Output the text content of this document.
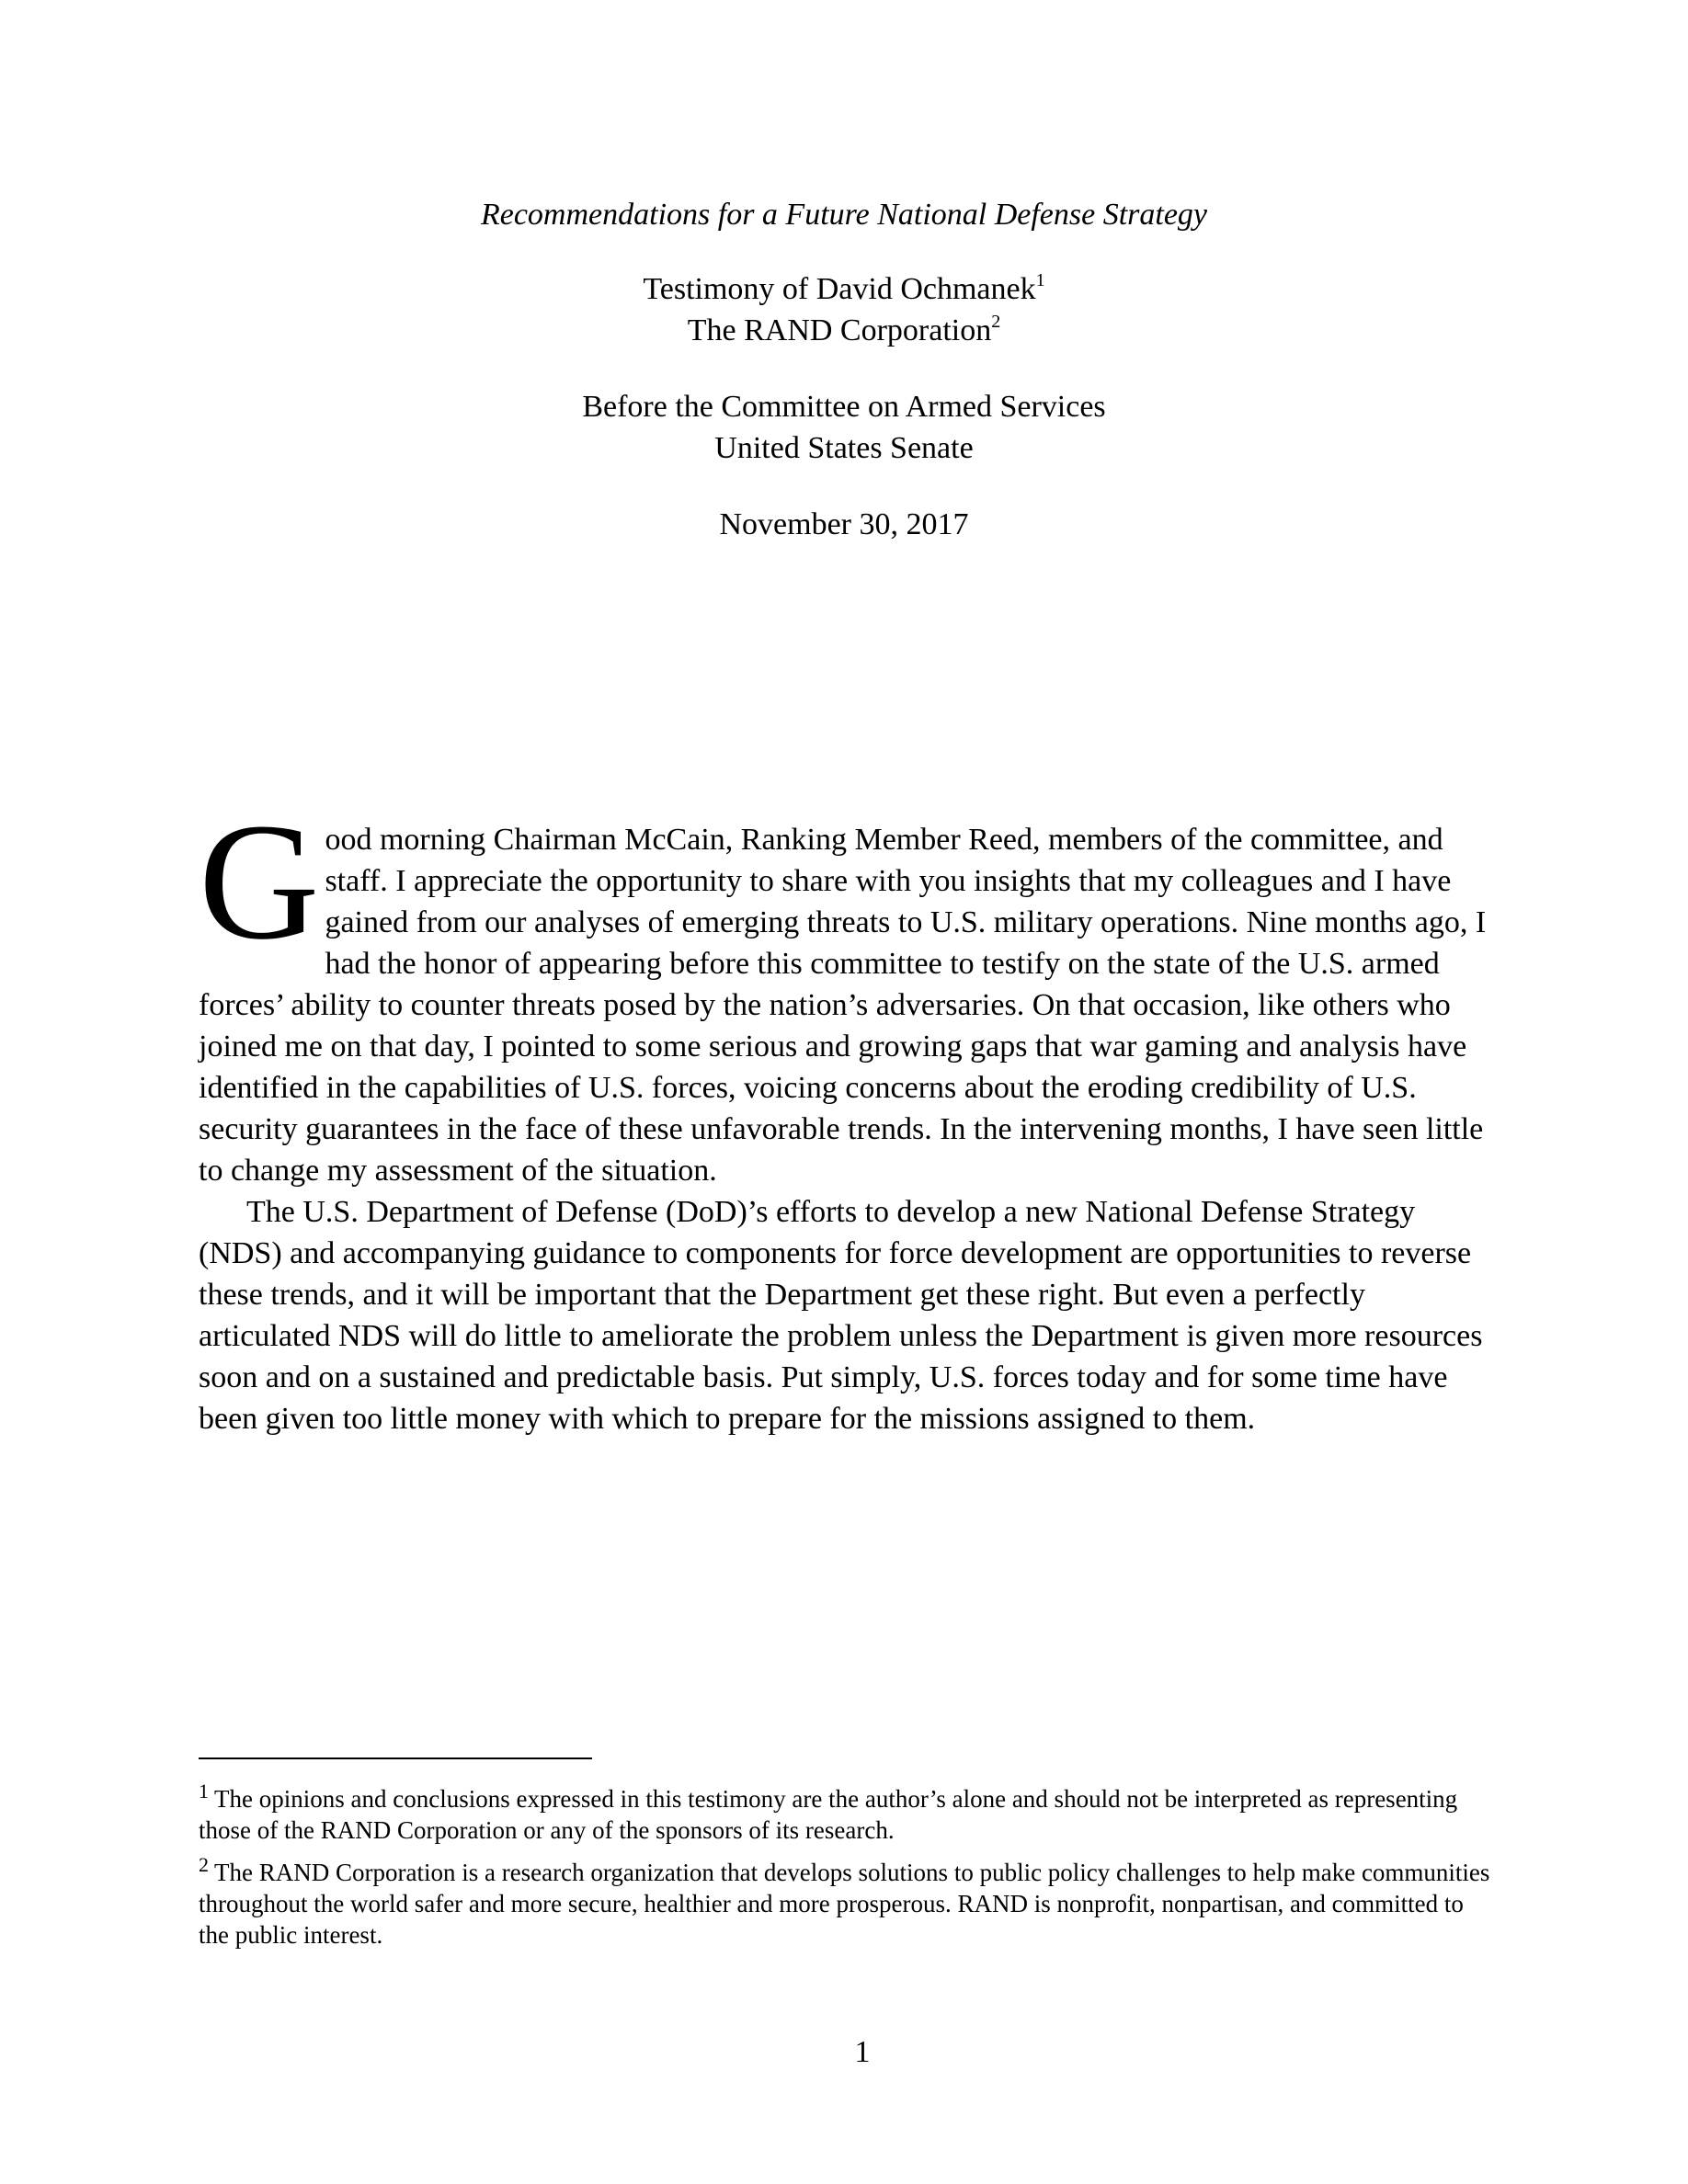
Recommendations for a Future National Defense Strategy
Testimony of David Ochmanek$^1$
The RAND Corporation$^2$
Before the Committee on Armed Services
United States Senate
November 30, 2017

Good morning Chairman McCain, Ranking Member Reed, members of the committee, and staff. I appreciate the opportunity to share with you insights that my colleagues and I have gained from our analyses of emerging threats to U.S. military operations. Nine months ago, I had the honor of appearing before this committee to testify on the state of the U.S. armed forces’ ability to counter threats posed by the nation’s adversaries. On that occasion, like others who joined me on that day, I pointed to some serious and growing gaps that war gaming and analysis have identified in the capabilities of U.S. forces, voicing concerns about the eroding credibility of U.S. security guarantees in the face of these unfavorable trends. In the intervening months, I have seen little to change my assessment of the situation.

The U.S. Department of Defense (DoD)’s efforts to develop a new National Defense Strategy (NDS) and accompanying guidance to components for force development are opportunities to reverse these trends, and it will be important that the Department get these right. But even a perfectly articulated NDS will do little to ameliorate the problem unless the Department is given more resources soon and on a sustained and predictable basis. Put simply, U.S. forces today and for some time have been given too little money with which to prepare for the missions assigned to them.

$^1$ The opinions and conclusions expressed in this testimony are the author’s alone and should not be interpreted as representing those of the RAND Corporation or any of the sponsors of its research.

$^2$ The RAND Corporation is a research organization that develops solutions to public policy challenges to help make communities throughout the world safer and more secure, healthier and more prosperous. RAND is nonprofit, nonpartisan, and committed to the public interest.

1
